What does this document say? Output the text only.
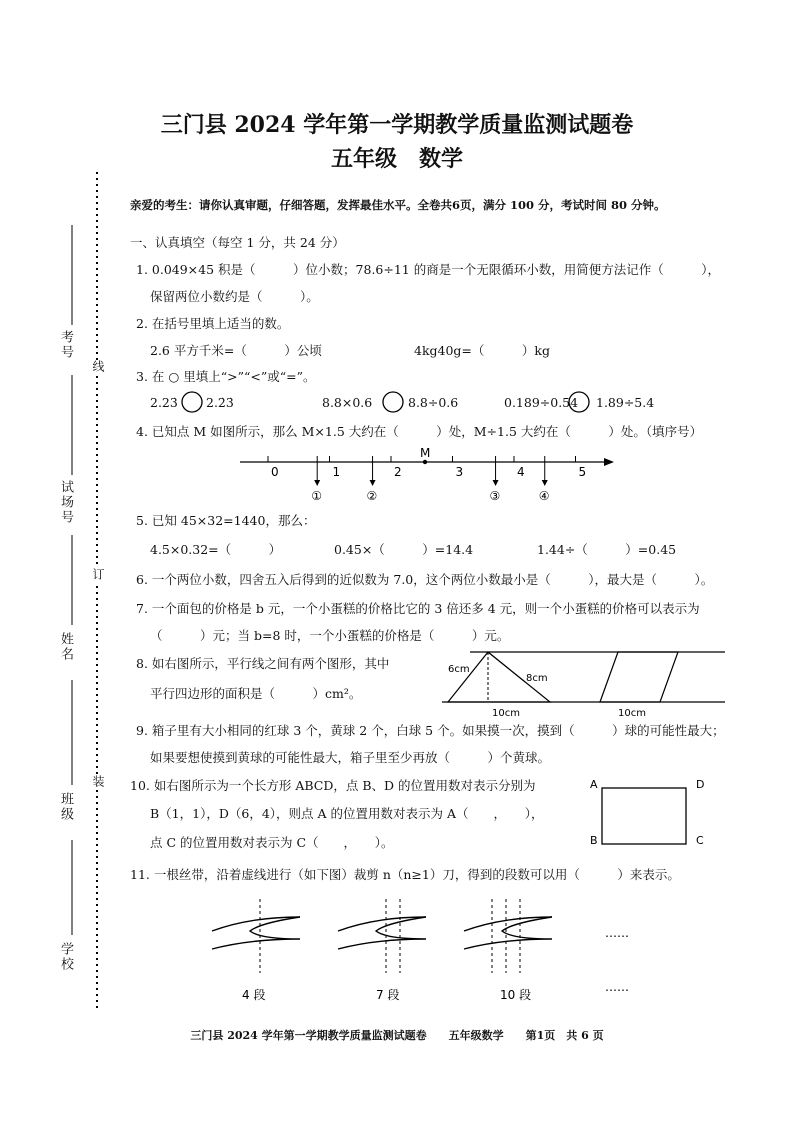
三门县 2024 学年第一学期教学质量监测试题卷
五年级　数学
考号
试场号
姓名
班级
学校
线
订
装
亲爱的考生：请你认真审题，仔细答题，发挥最佳水平。全卷共6页，满分 100 分，考试时间 80 分钟。
一、认真填空（每空 1 分，共 24 分）
1. 0.049×45 积是（　　　）位小数；78.6÷11 的商是一个无限循环小数，用简便方法记作（　　　），
保留两位小数约是（　　　）。
2. 在括号里填上适当的数。
2.6 平方千米=（　　　）公顷	4kg40g=（　　　）kg
3. 在 ○ 里填上“>”“<”或“=”。
2.23̇ 2.2̇3̇	8.8×0.6	8.8÷0.6	0.189÷0.54 1.89÷5.4
4. 已知点 M 如图所示，那么 M×1.5 大约在（　　　）处，M÷1.5 大约在（　　　）处。（填序号）
0	1	2	3	4	5
M
①	②	③	④
5. 已知 45×32=1440，那么：
4.5×0.32=（　　　）	0.45×（　　　）=14.4	1.44÷（　　　）=0.45
6. 一个两位小数，四舍五入后得到的近似数为 7.0，这个两位小数最小是（　　　），最大是（　　　）。
7. 一个面包的价格是 b 元，一个小蛋糕的价格比它的 3 倍还多 4 元，则一个小蛋糕的价格可以表示为
（　　　）元；当 b=8 时，一个小蛋糕的价格是（　　　）元。
8. 如右图所示，平行线之间有两个图形，其中
平行四边形的面积是（　　　）cm²。
6cm
8cm
10cm	10cm
9. 箱子里有大小相同的红球 3 个，黄球 2 个，白球 5 个。如果摸一次，摸到（　　　）球的可能性最大；
如果要想使摸到黄球的可能性最大，箱子里至少再放（　　　）个黄球。
10. 如右图所示为一个长方形 ABCD，点 B、D 的位置用数对表示分别为
B（1，1），D（6，4），则点 A 的位置用数对表示为 A（　　，　　），
点 C 的位置用数对表示为 C（　　，　　）。
A
B	C
D
11. 一根丝带，沿着虚线进行（如下图）裁剪 n（n≥1）刀，得到的段数可以用（　　　）来表示。
4 段	7 段	10 段
……
……
三门县 2024 学年第一学期教学质量监测试题卷　　五年级数学　　第1页　共 6 页
